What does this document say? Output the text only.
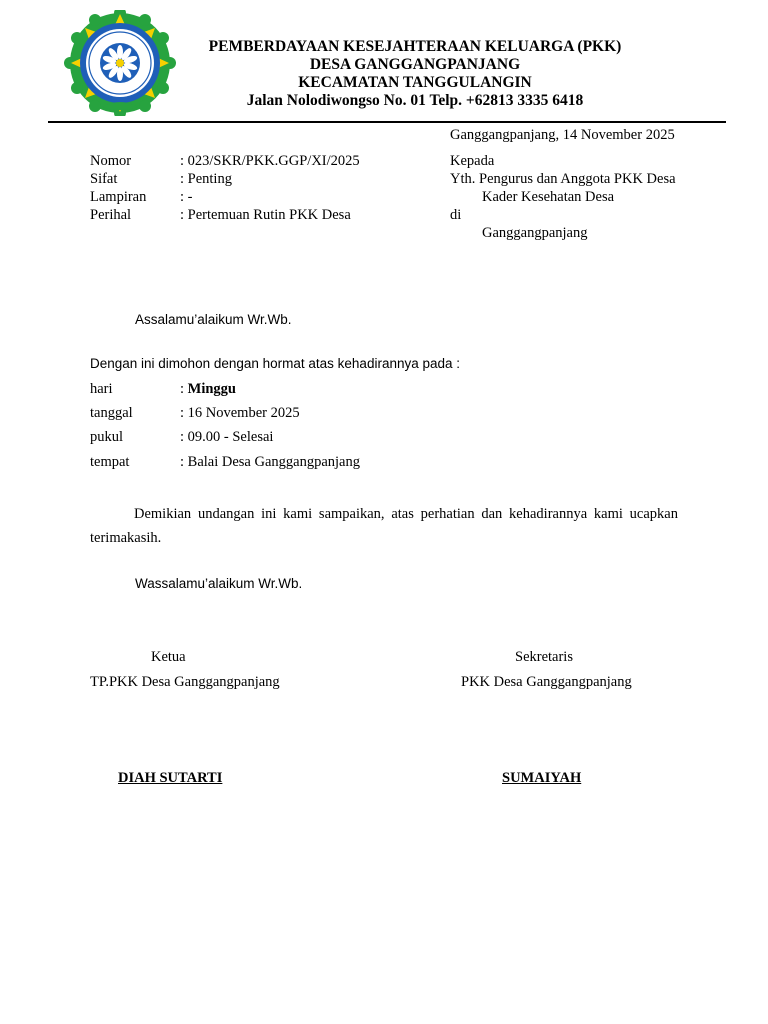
PEMBERDAYAAN KESEJAHTERAAN KELUARGA (PKK)
DESA GANGGANGPANJANG
KECAMATAN TANGGULANGIN
Jalan Nolodiwongso No. 01 Telp. +62813 3335 6418
Ganggangpanjang, 14 November 2025
Nomor	: 023/SKR/PKK.GGP/XI/2025
Sifat	: Penting
Lampiran : -
Perihal	: Pertemuan Rutin PKK Desa
Kepada
Yth. Pengurus dan Anggota PKK Desa
Kader Kesehatan Desa
di
Ganggangpanjang
Assalamu’alaikum Wr.Wb.
Dengan ini dimohon dengan hormat atas kehadirannya pada :
hari	: Minggu
tanggal	: 16 November 2025
pukul	: 09.00 - Selesai
tempat	: Balai Desa Ganggangpanjang
Demikian undangan ini kami sampaikan, atas perhatian dan kehadirannya kami ucapkan terimakasih.
Wassalamu’alaikum Wr.Wb.
Ketua
TP.PKK Desa Ganggangpanjang
DIAH SUTARTI
Sekretaris
PKK Desa Ganggangpanjang
SUMAIYAH
